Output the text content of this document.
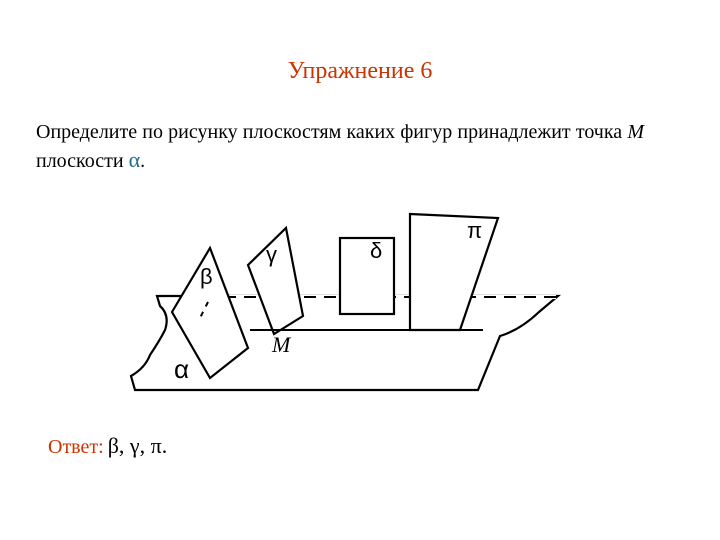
Упражнение 6
Определите по рисунку плоскостям каких фигур принадлежит точка M плоскости α.
α
β
γ	δ
π
M
Ответ: β, γ, π.
